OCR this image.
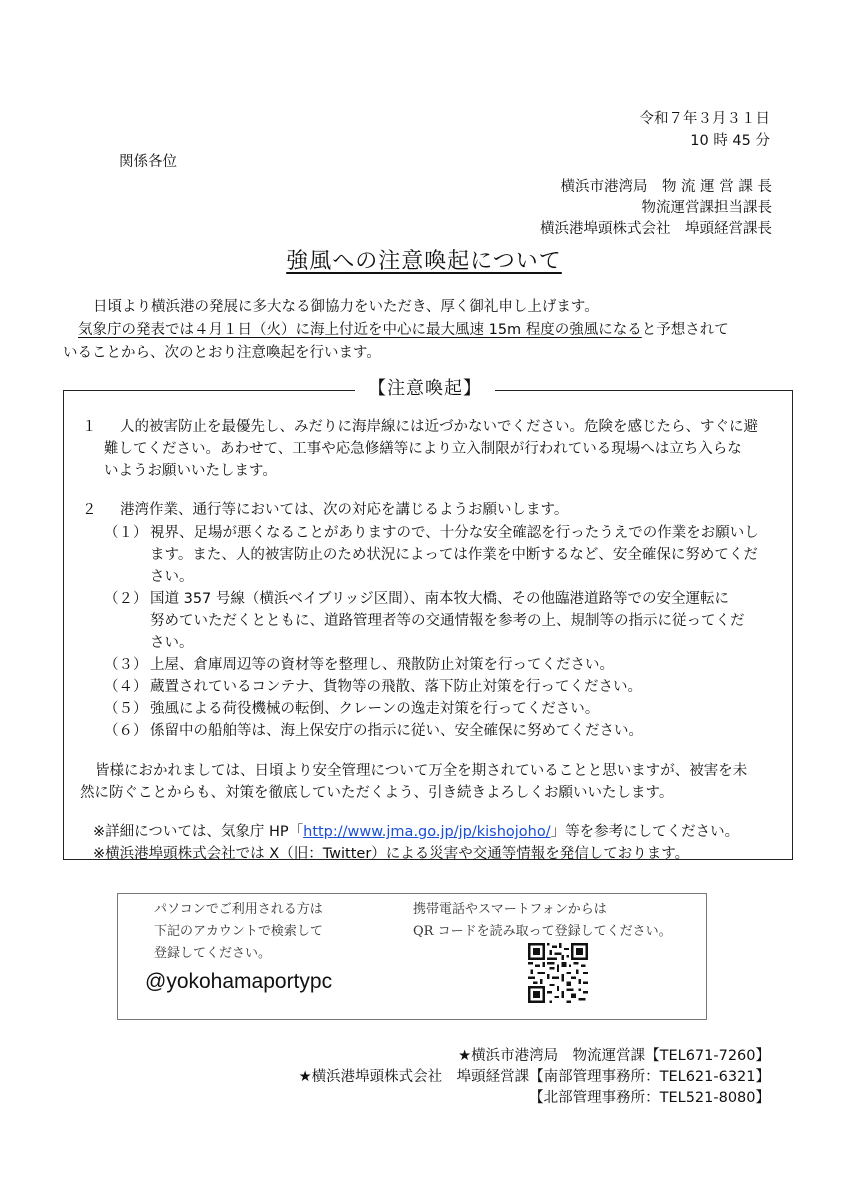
令和７年３月３１日
10 時 45 分
関係各位
横浜市港湾局　物 流 運 営 課 長
物流運営課担当課長
横浜港埠頭株式会社　埠頭経営課長
強風への注意喚起について
日頃より横浜港の発展に多大なる御協力をいただき、厚く御礼申し上げます。
気象庁の発表では４月１日（火）に海上付近を中心に最大風速 15m 程度の強風になると予想されて
いることから、次のとおり注意喚起を行います。
【注意喚起】
１ 人的被害防止を最優先し、みだりに海岸線には近づかないでください。危険を感じたら、すぐに避
難してください。あわせて、工事や応急修繕等により立入制限が行われている現場へは立ち入らな
いようお願いいたします。
２ 港湾作業、通行等においては、次の対応を講じるようお願いします。
（１） 視界、足場が悪くなることがありますので、十分な安全確認を行ったうえでの作業をお願いし
ます。また、人的被害防止のため状況によっては作業を中断するなど、安全確保に努めてくだ
さい。
（２） 国道 357 号線（横浜ベイブリッジ区間）、南本牧大橋、その他臨港道路等での安全運転に
努めていただくとともに、道路管理者等の交通情報を参考の上、規制等の指示に従ってくだ
さい。
（３） 上屋、倉庫周辺等の資材等を整理し、飛散防止対策を行ってください。
（４） 蔵置されているコンテナ、貨物等の飛散、落下防止対策を行ってください。
（５） 強風による荷役機械の転倒、クレーンの逸走対策を行ってください。
（６） 係留中の船舶等は、海上保安庁の指示に従い、安全確保に努めてください。
皆様におかれましては、日頃より安全管理について万全を期されていることと思いますが、被害を未
然に防ぐことからも、対策を徹底していただくよう、引き続きよろしくお願いいたします。
※詳細については、気象庁 HP「http://www.jma.go.jp/jp/kishojoho/」等を参考にしてください。
※横浜港埠頭株式会社では X（旧：Twitter）による災害や交通等情報を発信しております。
パソコンでご利用される方は
下記のアカウントで検索して
登録してください。
@yokohamaportypc
携帯電話やスマートフォンからは
QR コードを読み取って登録してください。
★横浜市港湾局　物流運営課【TEL671-7260】
★横浜港埠頭株式会社　埠頭経営課【南部管理事務所：TEL621-6321】
【北部管理事務所：TEL521-8080】
